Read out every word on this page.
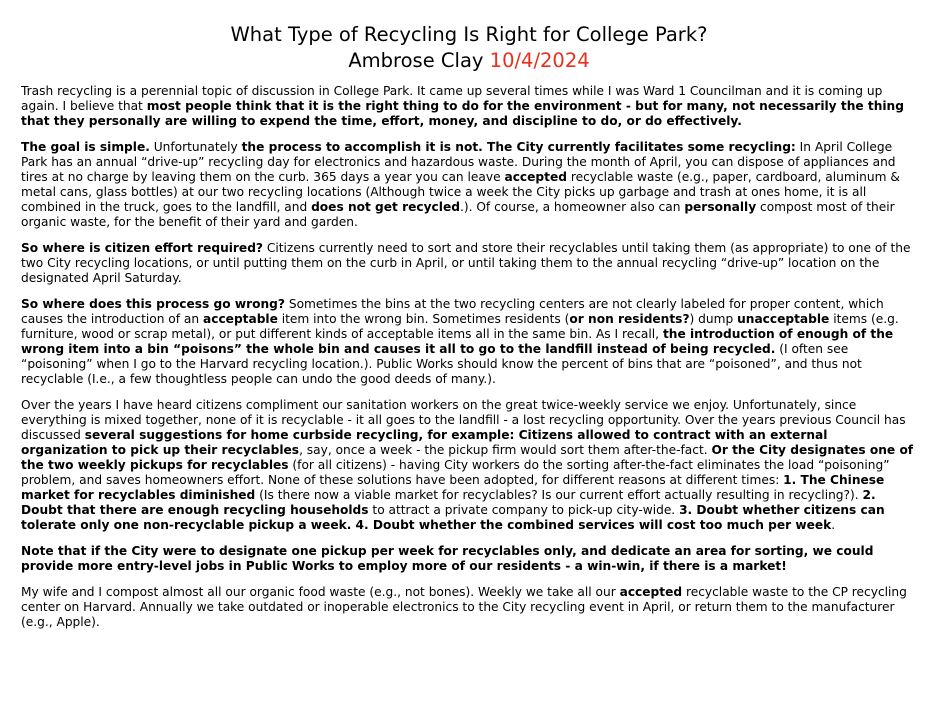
What Type of Recycling Is Right for College Park?
Ambrose Clay 10/4/2024

Trash recycling is a perennial topic of discussion in College Park. It came up several times while I was Ward 1 Councilman and it is coming up again. I believe that most people think that it is the right thing to do for the environment - but for many, not necessarily the thing that they personally are willing to expend the time, effort, money, and discipline to do, or do effectively.

The goal is simple. Unfortunately the process to accomplish it is not. The City currently facilitates some recycling: In April College Park has an annual “drive-up” recycling day for electronics and hazardous waste. During the month of April, you can dispose of appliances and tires at no charge by leaving them on the curb. 365 days a year you can leave accepted recyclable waste (e.g., paper, cardboard, aluminum & metal cans, glass bottles) at our two recycling locations (Although twice a week the City picks up garbage and trash at ones home, it is all combined in the truck, goes to the landfill, and does not get recycled.). Of course, a homeowner also can personally compost most of their organic waste, for the benefit of their yard and garden.

So where is citizen effort required? Citizens currently need to sort and store their recyclables until taking them (as appropriate) to one of the two City recycling locations, or until putting them on the curb in April, or until taking them to the annual recycling “drive-up” location on the designated April Saturday.

So where does this process go wrong? Sometimes the bins at the two recycling centers are not clearly labeled for proper content, which causes the introduction of an acceptable item into the wrong bin. Sometimes residents (or non residents?) dump unacceptable items (e.g. furniture, wood or scrap metal), or put different kinds of acceptable items all in the same bin. As I recall, the introduction of enough of the wrong item into a bin “poisons” the whole bin and causes it all to go to the landfill instead of being recycled. (I often see “poisoning” when I go to the Harvard recycling location.). Public Works should know the percent of bins that are “poisoned”, and thus not recyclable (I.e., a few thoughtless people can undo the good deeds of many.).

Over the years I have heard citizens compliment our sanitation workers on the great twice-weekly service we enjoy. Unfortunately, since everything is mixed together, none of it is recyclable - it all goes to the landfill - a lost recycling opportunity. Over the years previous Council has discussed several suggestions for home curbside recycling, for example: Citizens allowed to contract with an external organization to pick up their recyclables, say, once a week - the pickup firm would sort them after-the-fact. Or the City designates one of the two weekly pickups for recyclables (for all citizens) - having City workers do the sorting after-the-fact eliminates the load “poisoning” problem, and saves homeowners effort. None of these solutions have been adopted, for different reasons at different times: 1. The Chinese market for recyclables diminished (Is there now a viable market for recyclables? Is our current effort actually resulting in recycling?). 2. Doubt that there are enough recycling households to attract a private company to pick-up city-wide. 3. Doubt whether citizens can tolerate only one non-recyclable pickup a week. 4. Doubt whether the combined services will cost too much per week.

Note that if the City were to designate one pickup per week for recyclables only, and dedicate an area for sorting, we could provide more entry-level jobs in Public Works to employ more of our residents - a win-win, if there is a market!

My wife and I compost almost all our organic food waste (e.g., not bones). Weekly we take all our accepted recyclable waste to the CP recycling center on Harvard. Annually we take outdated or inoperable electronics to the City recycling event in April, or return them to the manufacturer (e.g., Apple).
